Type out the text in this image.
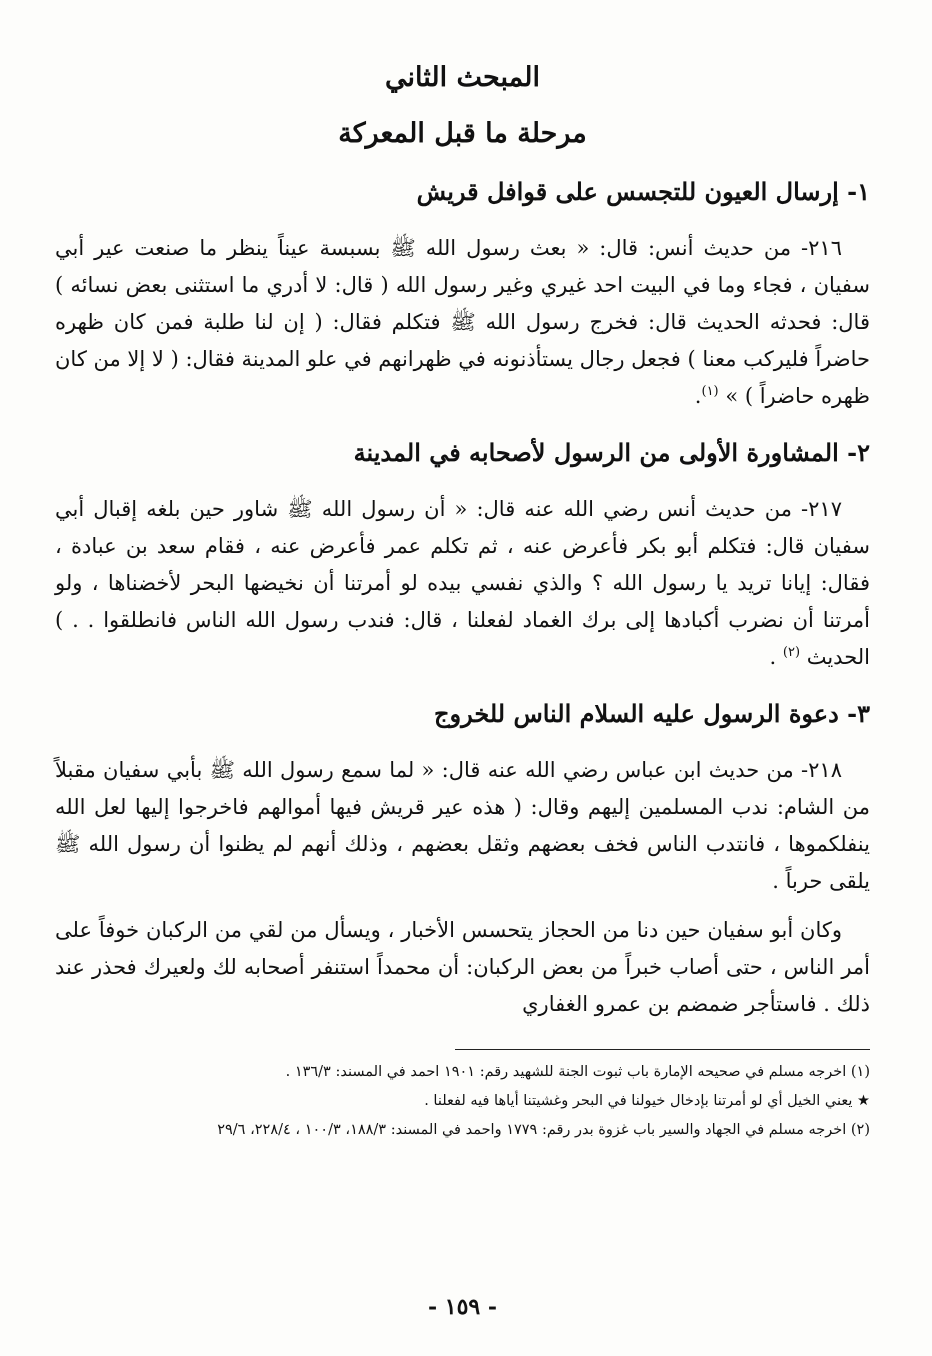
المبحث الثاني
مرحلة ما قبل المعركة
١- إرسال العيون للتجسس على قوافل قريش

٢١٦- من حديث أنس: قال: « بعث رسول الله ﷺ بسبسة عيناً ينظر ما صنعت عير أبي سفيان ، فجاء وما في البيت احد غيري وغير رسول الله ( قال: لا أدري ما استثنى بعض نسائه ) قال: فحدثه الحديث قال: فخرج رسول الله ﷺ فتكلم فقال: ( إن لنا طلبة فمن كان ظهره حاضراً فليركب معنا ) فجعل رجال يستأذنونه في ظهرانهم في علو المدينة فقال: ( لا إلا من كان ظهره حاضراً ) » $^{(١)}$.

٢- المشاورة الأولى من الرسول لأصحابه في المدينة

٢١٧- من حديث أنس رضي الله عنه قال: « أن رسول الله ﷺ شاور حين بلغه إقبال أبي سفيان قال: فتكلم أبو بكر فأعرض عنه ، ثم تكلم عمر فأعرض عنه ، فقام سعد بن عبادة ، فقال: إيانا تريد يا رسول الله ؟ والذي نفسي بيده لو أمرتنا أن نخيضها البحر لأخضناها ، ولو أمرتنا أن نضرب أكبادها إلى برك الغماد لفعلنا ، قال: فندب رسول الله الناس فانطلقوا . . ) الحديث $^{(٢)}$ .

٣- دعوة الرسول عليه السلام الناس للخروج

٢١٨- من حديث ابن عباس رضي الله عنه قال: « لما سمع رسول الله ﷺ بأبي سفيان مقبلاً من الشام: ندب المسلمين إليهم وقال: ( هذه عير قريش فيها أموالهم فاخرجوا إليها لعل الله ينفلكموها ، فانتدب الناس فخف بعضهم وثقل بعضهم ، وذلك أنهم لم يظنوا أن رسول الله ﷺ يلقى حرباً .

وكان أبو سفيان حين دنا من الحجاز يتحسس الأخبار ، ويسأل من لقي من الركبان خوفاً على أمر الناس ، حتى أصاب خبراً من بعض الركبان: أن محمداً استنفر أصحابه لك ولعيرك فحذر عند ذلك . فاستأجر ضمضم بن عمرو الغفاري

(١) اخرجه مسلم في صحيحه الإمارة باب ثبوت الجنة للشهيد رقم: ١٩٠١ احمد في المسند: ١٣٦/٣ .
★ يعني الخيل أي لو أمرتنا بإدخال خيولنا في البحر وغشيتنا أياها فيه لفعلنا .
(٢) اخرجه مسلم في الجهاد والسير باب غزوة بدر رقم: ١٧٧٩ واحمد في المسند: ١٨٨/٣، ١٠٠/٣ ، ٢٢٨/٤، ٢٩/٦
- ١٥٩ -
